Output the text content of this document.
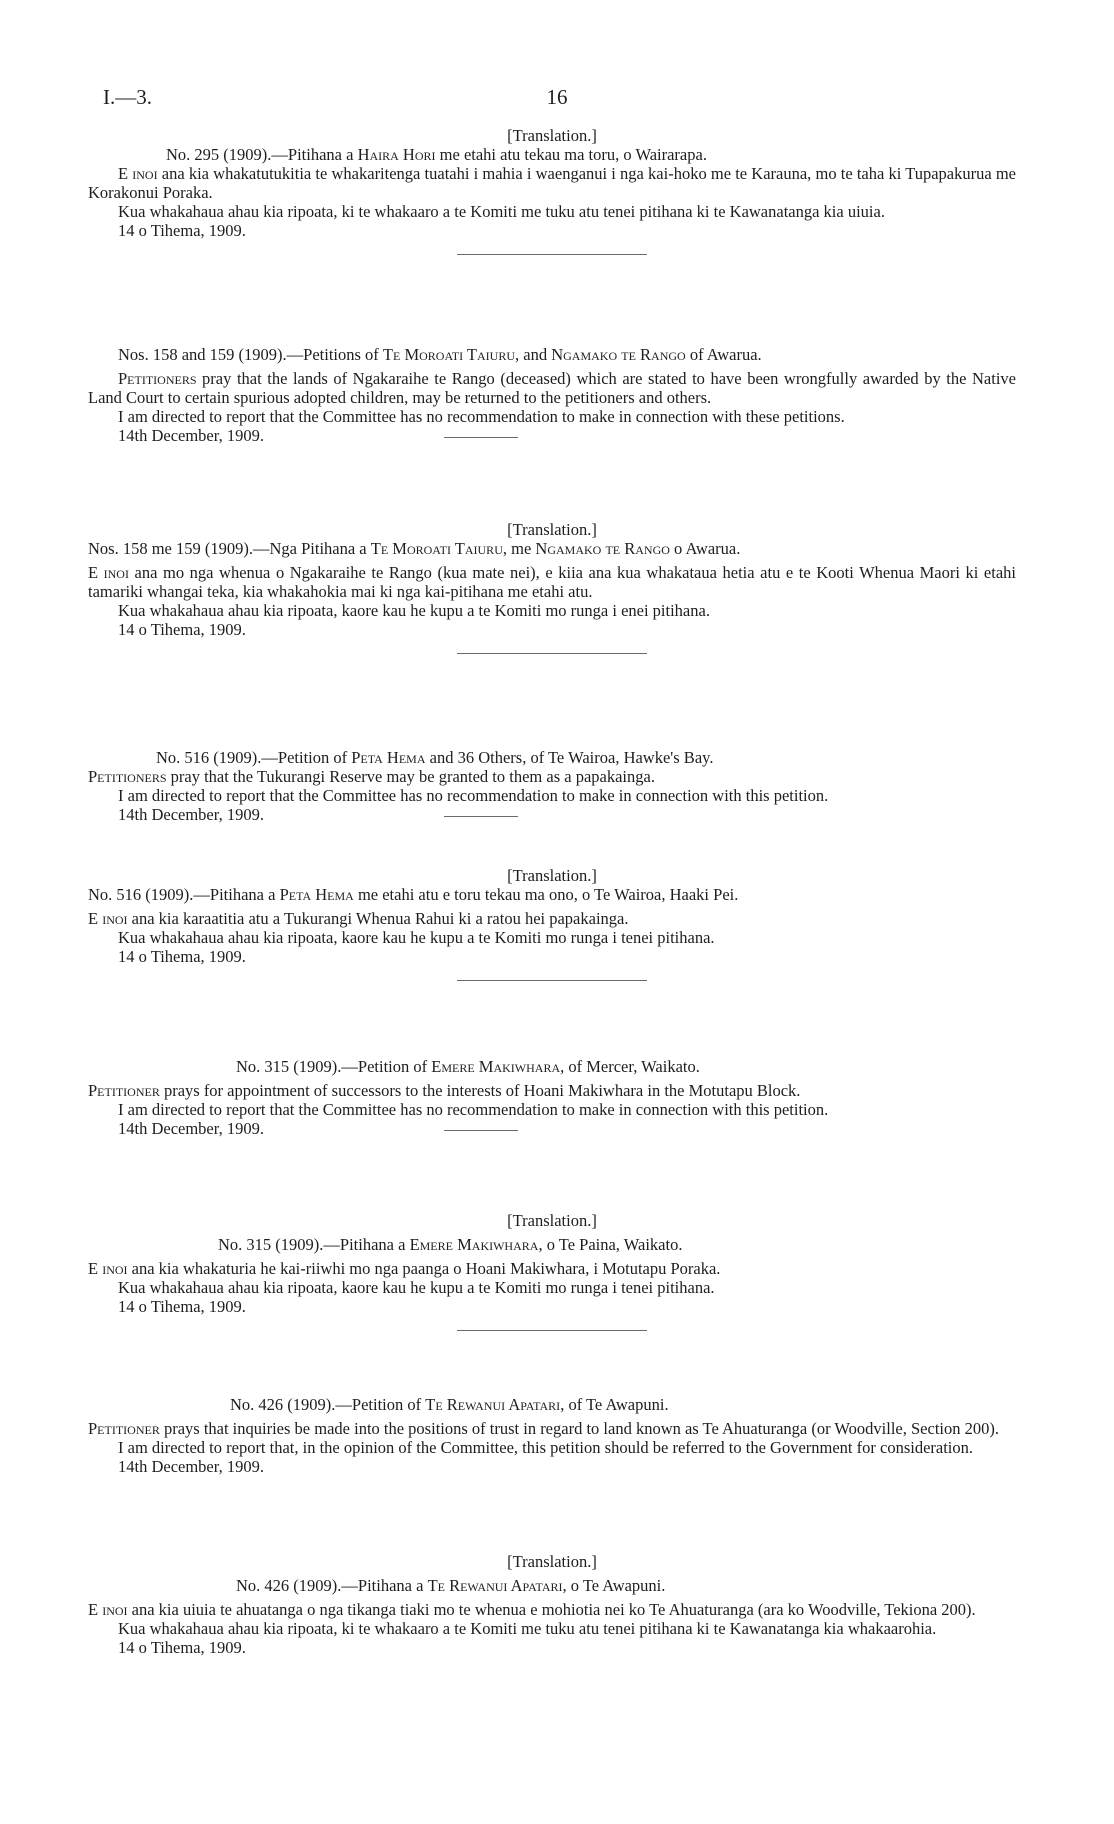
I.—3.	16

[Translation.]

No. 295 (1909).—Pitihana a Haira Hori me etahi atu tekau ma toru, o Wairarapa.

E inoi ana kia whakatutukitia te whakaritenga tuatahi i mahia i waenganui i nga kai-hoko me te Karauna, mo te taha ki Tupapakurua me Korakonui Poraka.

Kua whakahaua ahau kia ripoata, ki te whakaaro a te Komiti me tuku atu tenei pitihana ki te Kawanatanga kia uiuia.

14 o Tihema, 1909.

Nos. 158 and 159 (1909).—Petitions of Te Moroati Taiuru, and Ngamako te Rango of Awarua.

Petitioners pray that the lands of Ngakaraihe te Rango (deceased) which are stated to have been wrongfully awarded by the Native Land Court to certain spurious adopted children, may be returned to the petitioners and others.

I am directed to report that the Committee has no recommendation to make in connection with these petitions.

14th December, 1909.

[Translation.]

Nos. 158 me 159 (1909).—Nga Pitihana a Te Moroati Taiuru, me Ngamako te Rango o Awarua.

E inoi ana mo nga whenua o Ngakaraihe te Rango (kua mate nei), e kiia ana kua whakataua hetia atu e te Kooti Whenua Maori ki etahi tamariki whangai teka, kia whakahokia mai ki nga kai-pitihana me etahi atu.

Kua whakahaua ahau kia ripoata, kaore kau he kupu a te Komiti mo runga i enei pitihana.

14 o Tihema, 1909.

No. 516 (1909).—Petition of Peta Hema and 36 Others, of Te Wairoa, Hawke's Bay.

Petitioners pray that the Tukurangi Reserve may be granted to them as a papakainga.

I am directed to report that the Committee has no recommendation to make in connection with this petition.

14th December, 1909.

[Translation.]

No. 516 (1909).—Pitihana a Peta Hema me etahi atu e toru tekau ma ono, o Te Wairoa, Haaki Pei.

E inoi ana kia karaatitia atu a Tukurangi Whenua Rahui ki a ratou hei papakainga.

Kua whakahaua ahau kia ripoata, kaore kau he kupu a te Komiti mo runga i tenei pitihana.

14 o Tihema, 1909.

No. 315 (1909).—Petition of Emere Makiwhara, of Mercer, Waikato.

Petitioner prays for appointment of successors to the interests of Hoani Makiwhara in the Motutapu Block.

I am directed to report that the Committee has no recommendation to make in connection with this petition.

14th December, 1909.

[Translation.]

No. 315 (1909).—Pitihana a Emere Makiwhara, o Te Paina, Waikato.

E inoi ana kia whakaturia he kai-riiwhi mo nga paanga o Hoani Makiwhara, i Motutapu Poraka.

Kua whakahaua ahau kia ripoata, kaore kau he kupu a te Komiti mo runga i tenei pitihana.

14 o Tihema, 1909.

No. 426 (1909).—Petition of Te Rewanui Apatari, of Te Awapuni.

Petitioner prays that inquiries be made into the positions of trust in regard to land known as Te Ahuaturanga (or Woodville, Section 200).

I am directed to report that, in the opinion of the Committee, this petition should be referred to the Government for consideration.

14th December, 1909.

[Translation.]

No. 426 (1909).—Pitihana a Te Rewanui Apatari, o Te Awapuni.

E inoi ana kia uiuia te ahuatanga o nga tikanga tiaki mo te whenua e mohiotia nei ko Te Ahuaturanga (ara ko Woodville, Tekiona 200).

Kua whakahaua ahau kia ripoata, ki te whakaaro a te Komiti me tuku atu tenei pitihana ki te Kawanatanga kia whakaarohia.

14 o Tihema, 1909.
